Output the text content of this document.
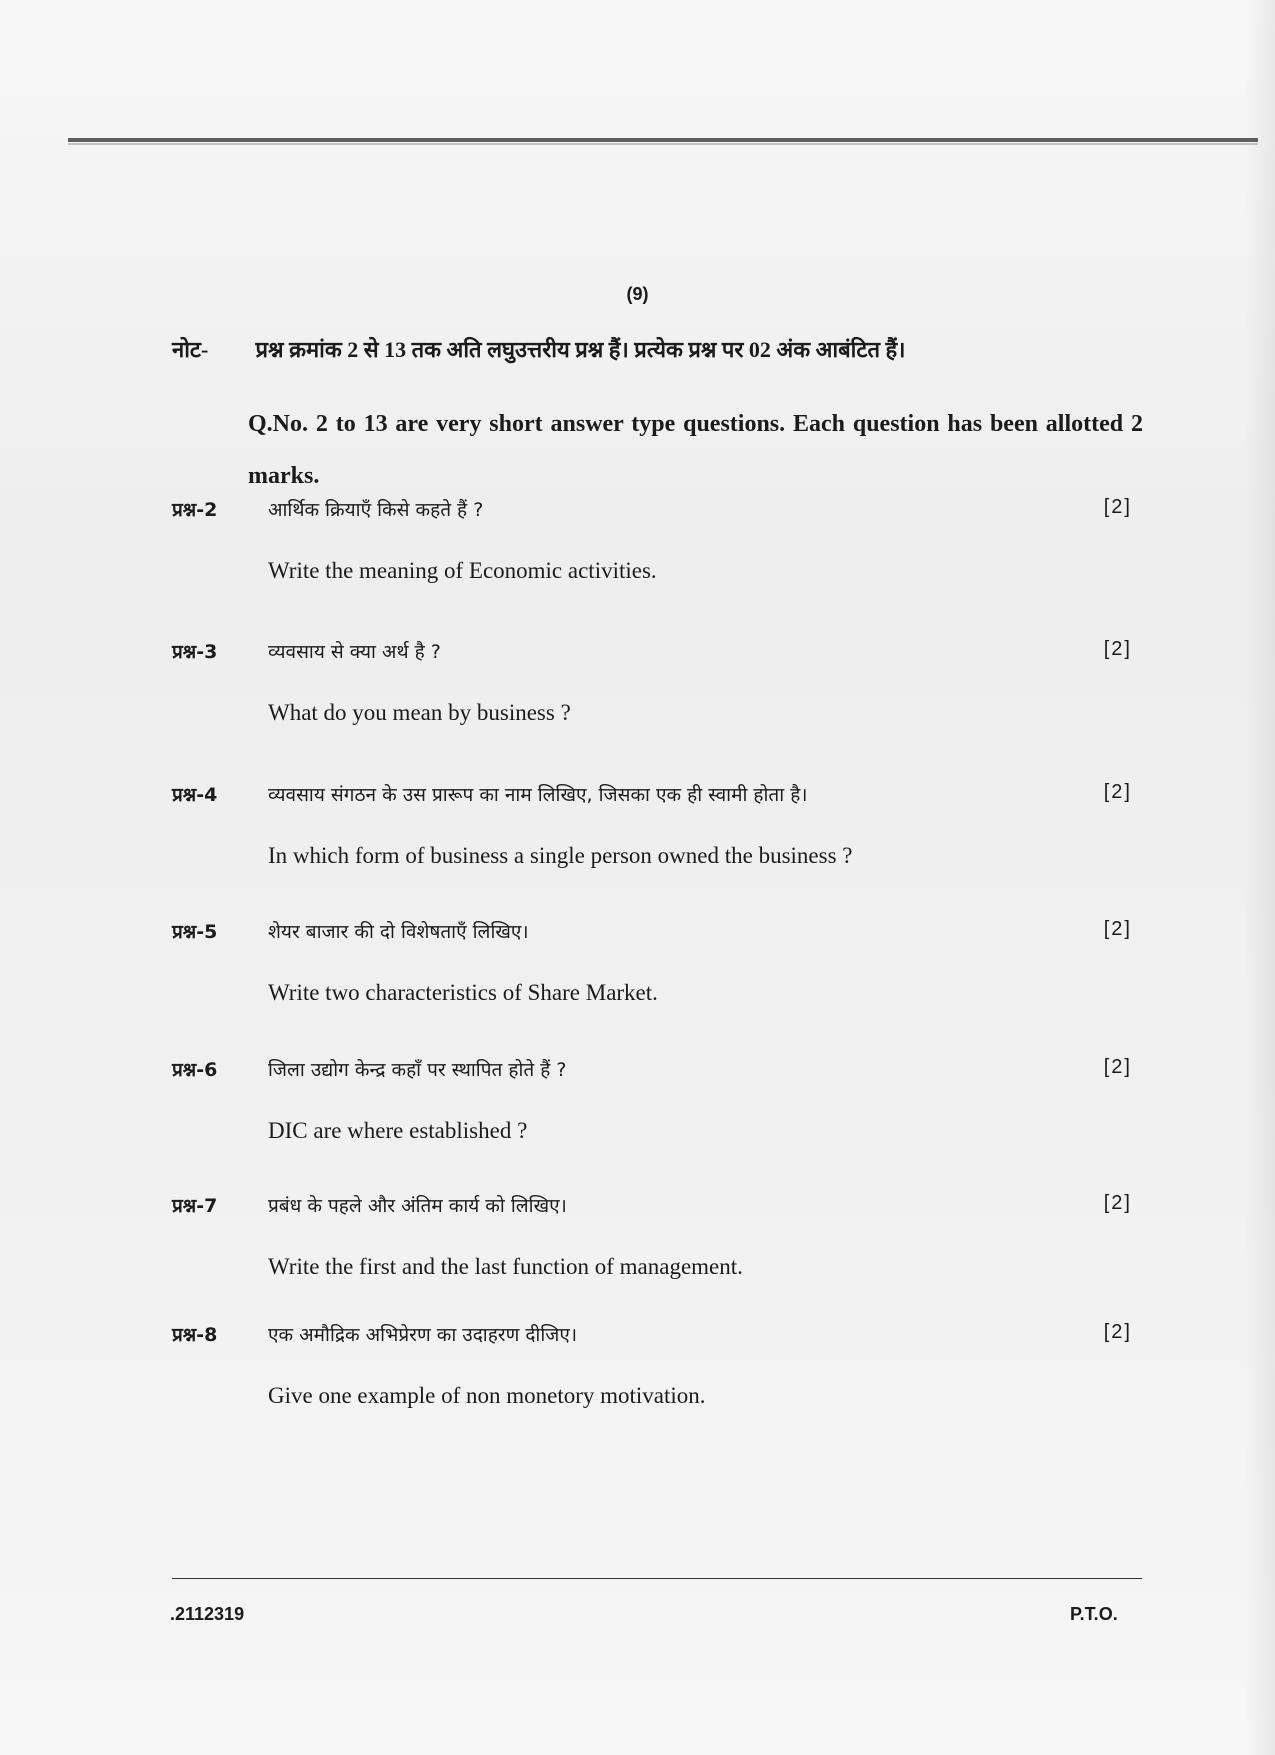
(9)
नोट- प्रश्न क्रमांक 2 से 13 तक अति लघुउत्तरीय प्रश्न हैं। प्रत्येक प्रश्न पर 02 अंक आबंटित हैं।
Q.No. 2 to 13 are very short answer type questions. Each question has been allotted 2 marks.
प्रश्न-2	आर्थिक क्रियाएँ किसे कहते हैं ?	[2]
Write the meaning of Economic activities.
प्रश्न-3	व्यवसाय से क्या अर्थ है ?	[2]
What do you mean by business ?
प्रश्न-4	व्यवसाय संगठन के उस प्रारूप का नाम लिखिए, जिसका एक ही स्वामी होता है।	[2]
In which form of business a single person owned the business ?
प्रश्न-5	शेयर बाजार की दो विशेषताएँ लिखिए।	[2]
Write two characteristics of Share Market.
प्रश्न-6	जिला उद्योग केन्द्र कहाँ पर स्थापित होते हैं ?	[2]
DIC are where established ?
प्रश्न-7	प्रबंध के पहले और अंतिम कार्य को लिखिए।	[2]
Write the first and the last function of management.
प्रश्न-8	एक अमौद्रिक अभिप्रेरण का उदाहरण दीजिए।	[2]
Give one example of non monetory motivation.
.2112319	P.T.O.
